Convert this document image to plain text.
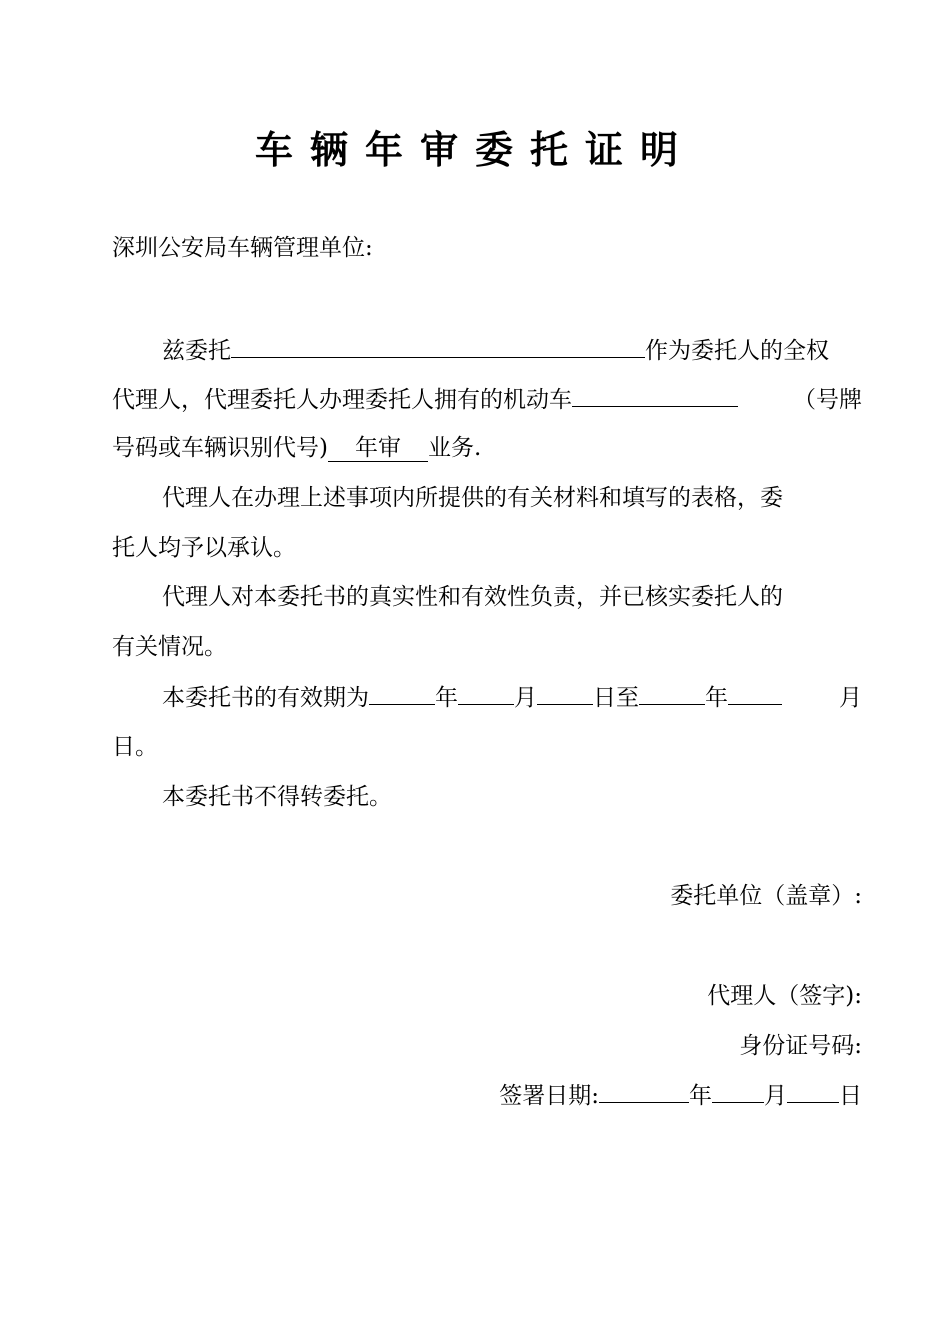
车辆年审委托证明
深圳公安局车辆管理单位:
兹委托	作为委托人的全权
代理人，代理委托人办理委托人拥有的机动车	（号牌
号码或车辆识别代号)	年审	业务.
代理人在办理上述事项内所提供的有关材料和填写的表格，委
托人均予以承认。
代理人对本委托书的真实性和有效性负责，并已核实委托人的
有关情况。
本委托书的有效期为	年 月 日至	年	月
日。
本委托书不得转委托。
委托单位（盖章）:
代理人（签字):
身份证号码:
签署日期:	年 月 日
